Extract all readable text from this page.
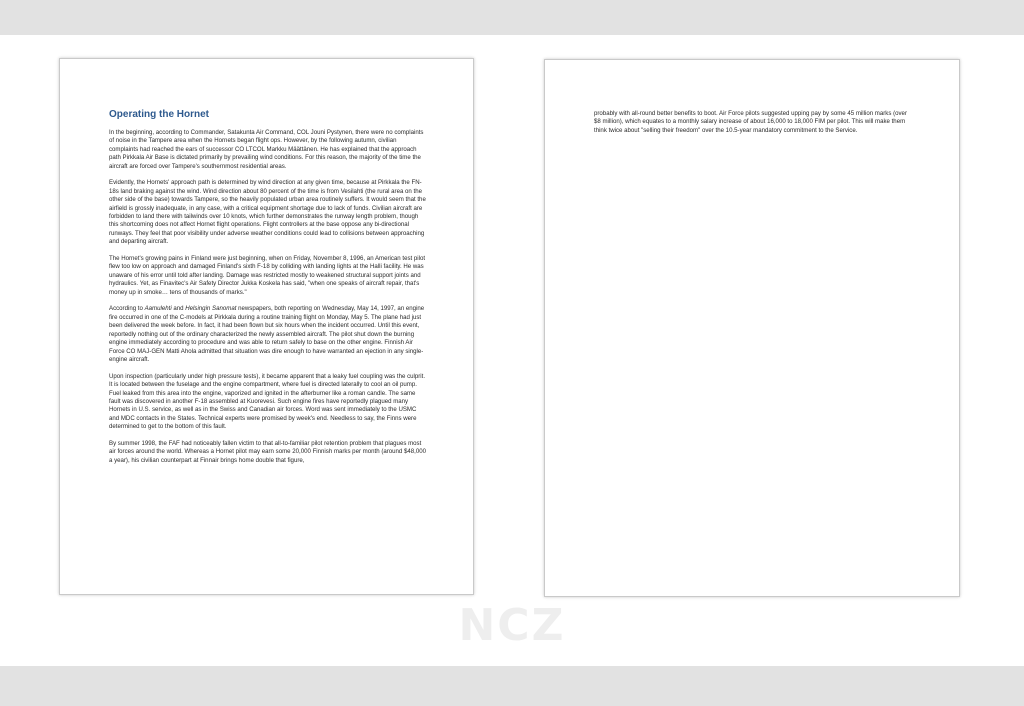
Operating the Hornet

In the beginning, according to Commander, Satakunta Air Command, COL Jouni Pystynen, there were no complaints of noise in the Tampere area when the Hornets began flight ops. However, by the following autumn, civilian complaints had reached the ears of successor CO LTCOL Markku Määttänen. He has explained that the approach path Pirkkala Air Base is dictated primarily by prevailing wind conditions. For this reason, the majority of the time the aircraft are forced over Tampere's southernmost residential areas.

Evidently, the Hornets' approach path is determined by wind direction at any given time, because at Pirkkala the FN-18s land braking against the wind. Wind direction about 80 percent of the time is from Vesilahti (the rural area on the other side of the base) towards Tampere, so the heavily populated urban area routinely suffers. It would seem that the airfield is grossly inadequate, in any case, with a critical equipment shortage due to lack of funds. Civilian aircraft are forbidden to land there with tailwinds over 10 knots, which further demonstrates the runway length problem, though this shortcoming does not affect Hornet flight operations. Flight controllers at the base oppose any bi-directional runways. They feel that poor visibility under adverse weather conditions could lead to collisions between approaching and departing aircraft.

The Hornet's growing pains in Finland were just beginning, when on Friday, November 8, 1996, an American test pilot flew too low on approach and damaged Finland's sixth F-18 by colliding with landing lights at the Halli facility. He was unaware of his error until told after landing. Damage was restricted mostly to weakened structural support joints and hydraulics. Yet, as Finavitec's Air Safety Director Jukka Koskela has said, "when one speaks of aircraft repair, that's money up in smoke… tens of thousands of marks."

According to Aamulehti and Helsingin Sanomat newspapers, both reporting on Wednesday, May 14, 1997, an engine fire occurred in one of the C-models at Pirkkala during a routine training flight on Monday, May 5. The plane had just been delivered the week before. In fact, it had been flown but six hours when the incident occurred. Until this event, reportedly nothing out of the ordinary characterized the newly assembled aircraft. The pilot shut down the burning engine immediately according to procedure and was able to return safely to base on the other engine. Finnish Air Force CO MAJ-GEN Matti Ahola admitted that situation was dire enough to have warranted an ejection in any single-engine aircraft.

Upon inspection (particularly under high pressure tests), it became apparent that a leaky fuel coupling was the culprit. It is located between the fuselage and the engine compartment, where fuel is directed laterally to cool an oil pump. Fuel leaked from this area into the engine, vaporized and ignited in the afterburner like a roman candle. The same fault was discovered in another F-18 assembled at Kuorevesi. Such engine fires have reportedly plagued many Hornets in U.S. service, as well as in the Swiss and Canadian air forces. Word was sent immediately to the USMC and MDC contacts in the States. Technical experts were promised by week's end. Needless to say, the Finns were determined to get to the bottom of this fault.

By summer 1998, the FAF had noticeably fallen victim to that all-to-familiar pilot retention problem that plagues most air forces around the world. Whereas a Hornet pilot may earn some 20,000 Finnish marks per month (around $48,000 a year), his civilian counterpart at Finnair brings home double that figure,

probably with all-round better benefits to boot. Air Force pilots suggested upping pay by some 45 million marks (over $8 million), which equates to a monthly salary increase of about 16,000 to 18,000 FIM per pilot. This will make them think twice about "selling their freedom" over the 10.5-year mandatory commitment to the Service.

NCZ
